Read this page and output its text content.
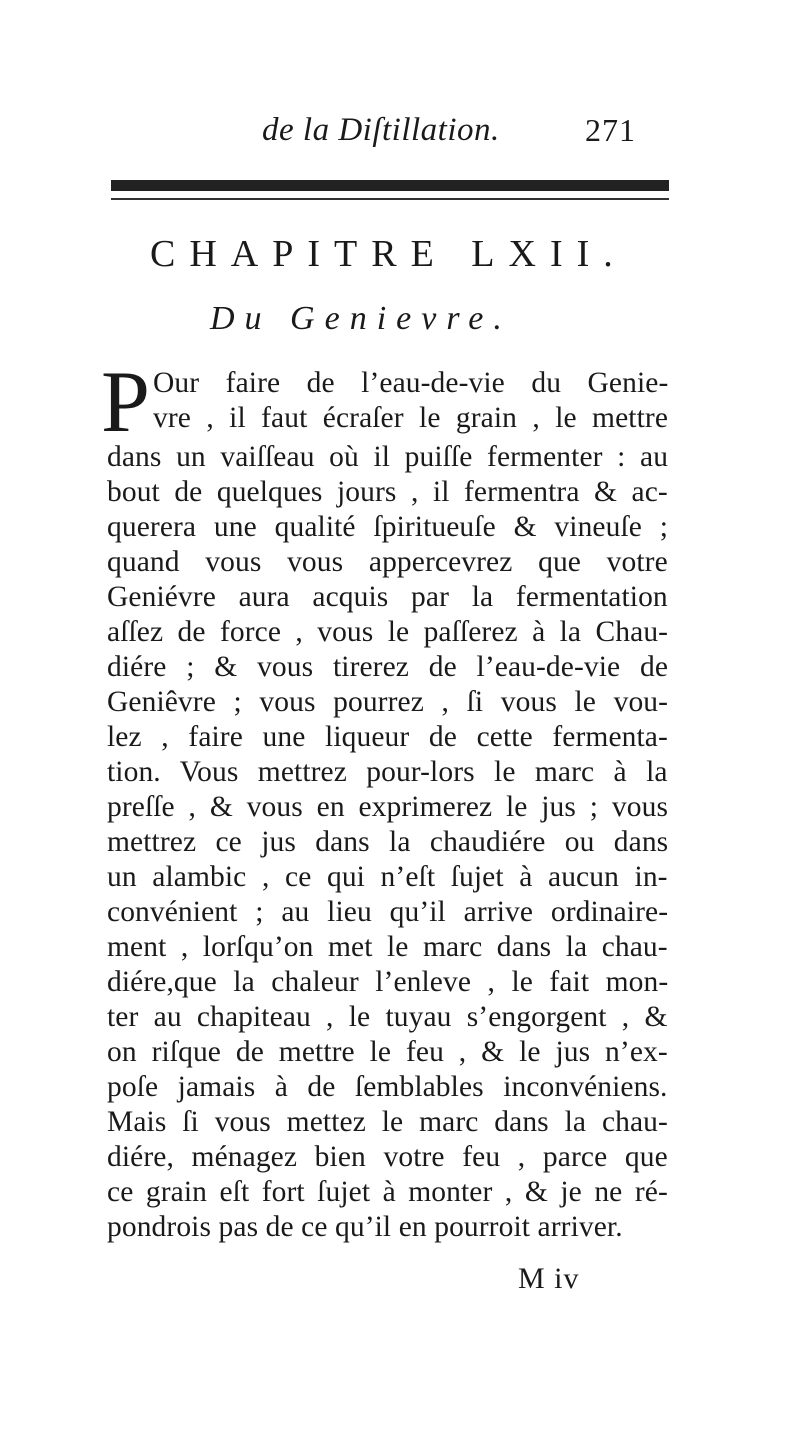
de la Diſtillation.	271
CHAPITRE LXII.
Du Genievre.
P Our faire de l’eau-de-vie du Genie-
vre , il faut écraſer le grain , le mettre
dans un vaiſſeau où il puiſſe fermenter : au
bout de quelques jours , il fermentra & ac-
querera une qualité ſpiritueuſe & vineuſe ;
quand vous vous appercevrez que votre
Geniévre aura acquis par la fermentation
aſſez de force , vous le paſſerez à la Chau-
diére ; & vous tirerez de l’eau-de-vie de
Geniêvre ; vous pourrez , ſi vous le vou-
lez , faire une liqueur de cette fermenta-
tion. Vous mettrez pour-lors le marc à la
preſſe , & vous en exprimerez le jus ; vous
mettrez ce jus dans la chaudiére ou dans
un alambic , ce qui n’eſt ſujet à aucun in-
convénient ; au lieu qu’il arrive ordinaire-
ment , lorſqu’on met le marc dans la chau-
diére,que la chaleur l’enleve , le fait mon-
ter au chapiteau , le tuyau s’engorgent , &
on riſque de mettre le feu , & le jus n’ex-
poſe jamais à de ſemblables inconvéniens.
Mais ſi vous mettez le marc dans la chau-
diére, ménagez bien votre feu , parce que
ce grain eſt fort ſujet à monter , & je ne ré-
pondrois pas de ce qu’il en pourroit arriver.
M iv
